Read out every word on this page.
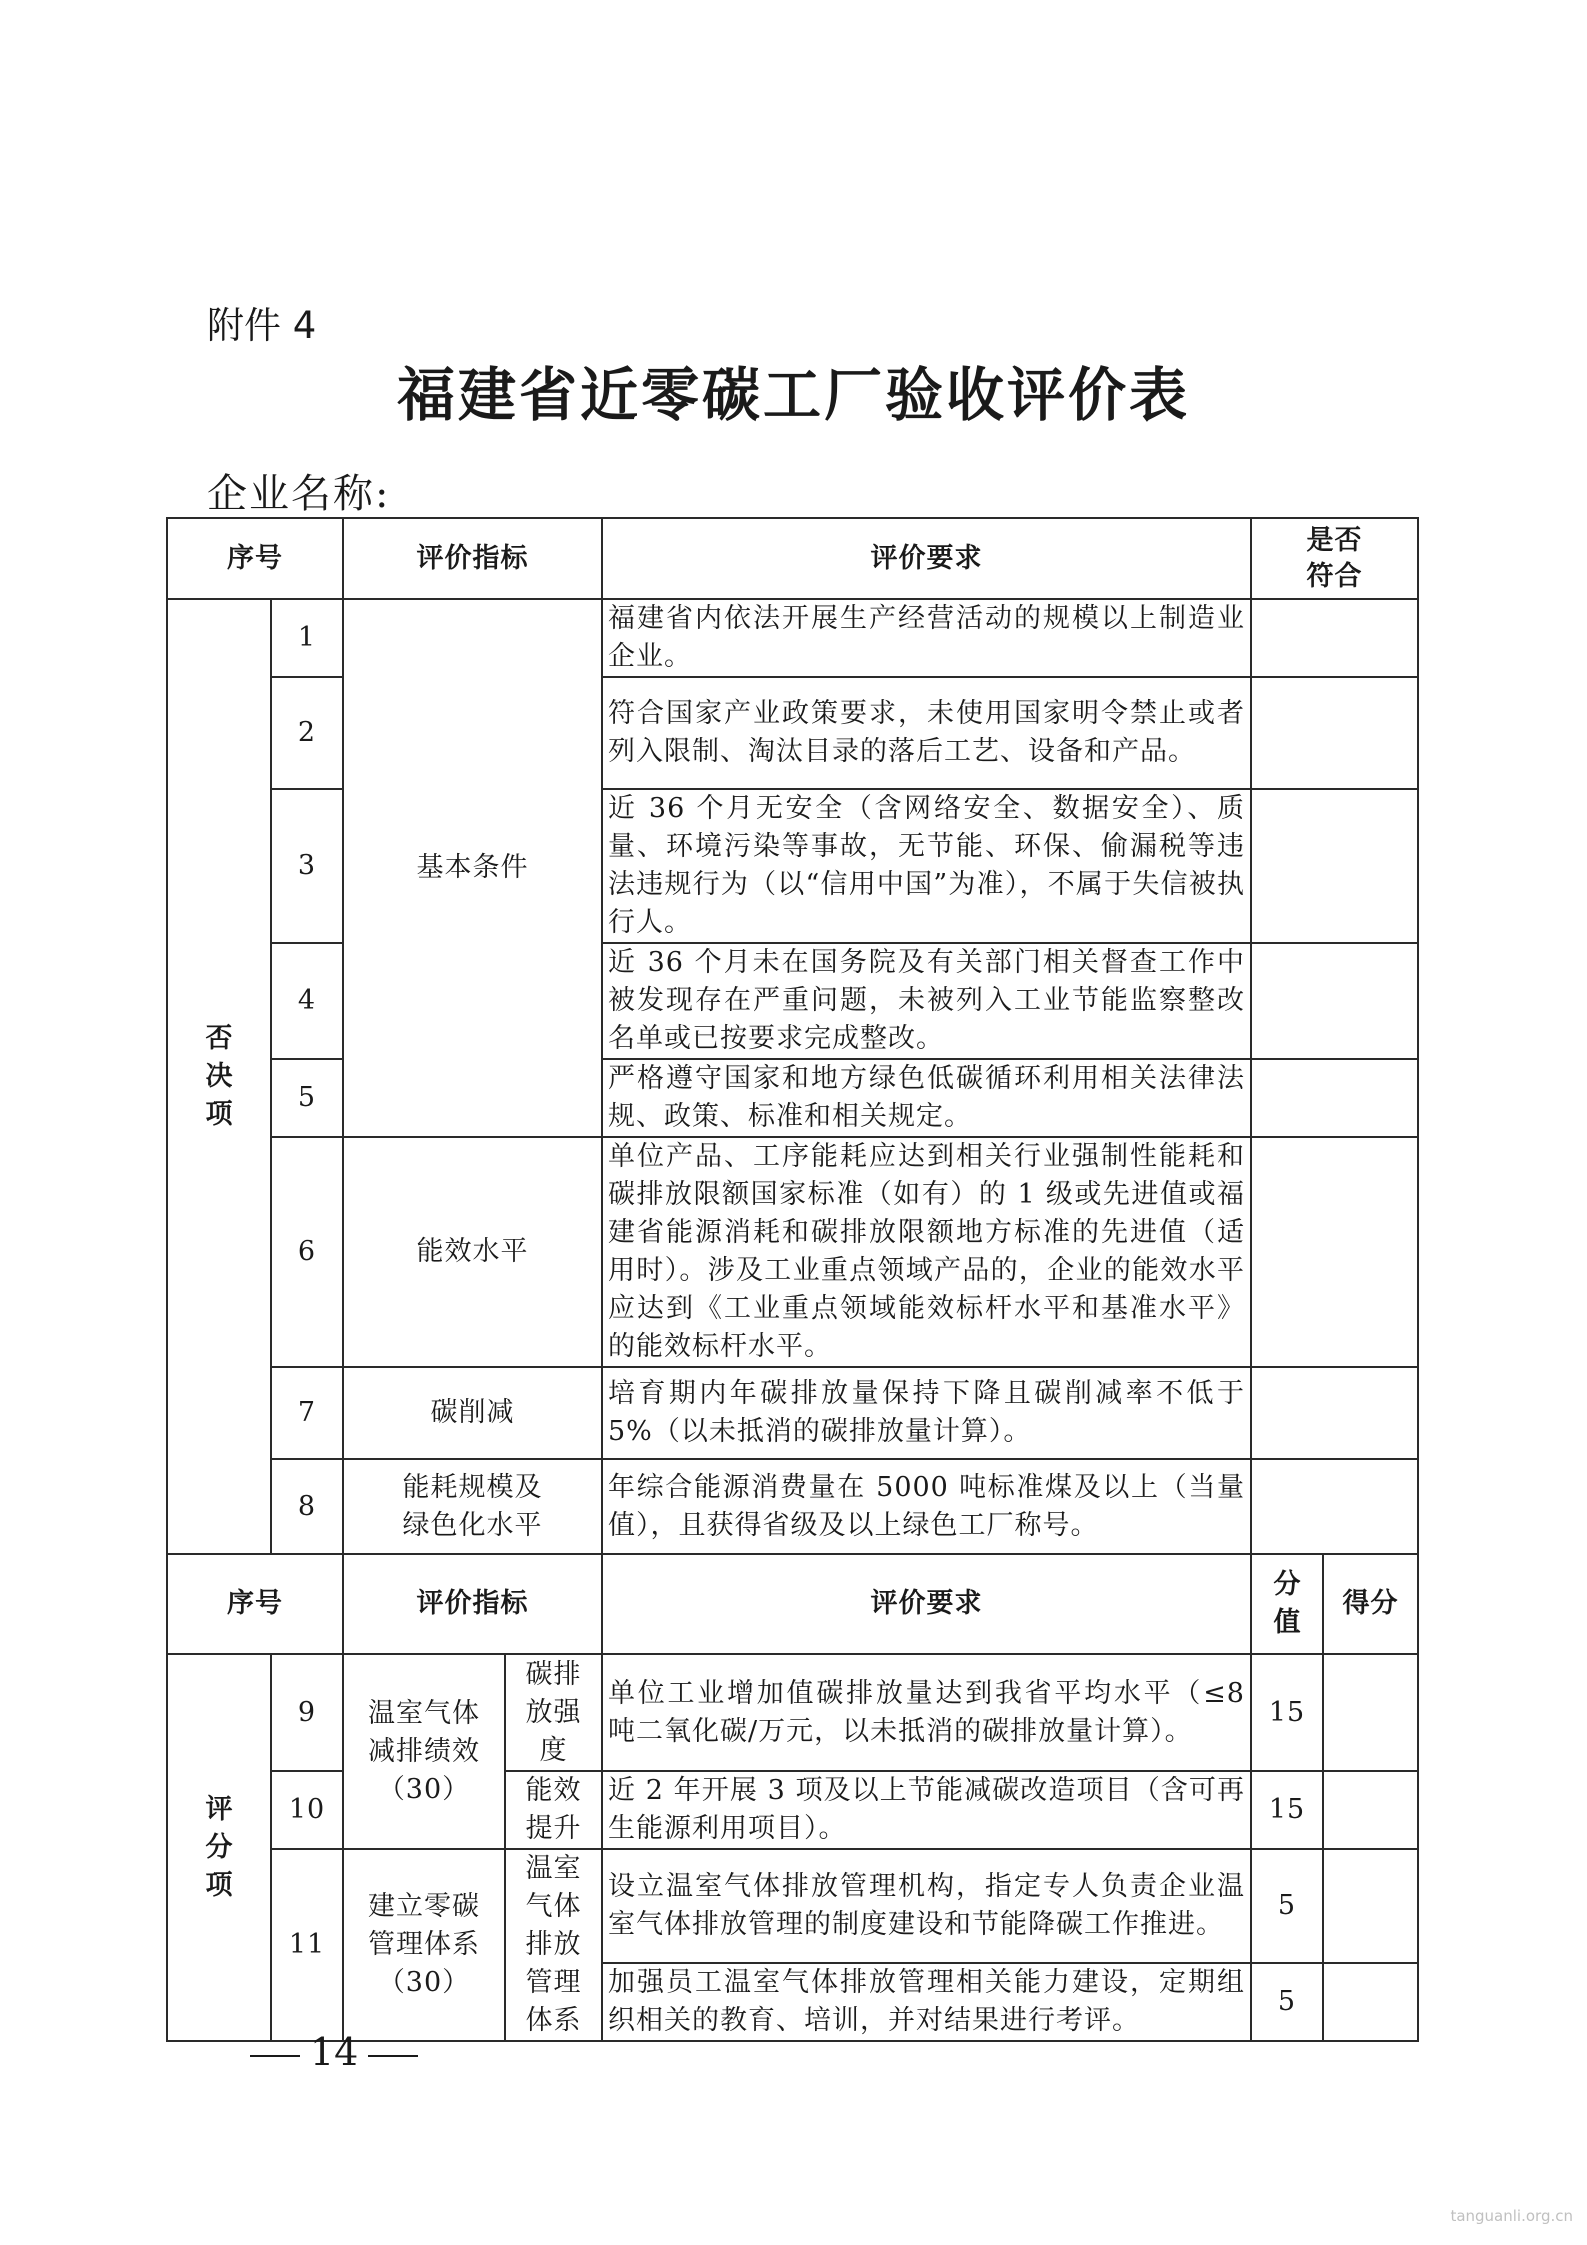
附件 4
福建省近零碳工厂验收评价表
企业名称:
序号		评价指标		评价要求	是否符合	

否决项	1	基本条件		福建省内依法开展生产经营活动的规模以上制造业企业。		
	2			符合国家产业政策要求，未使用国家明令禁止或者列入限制、淘汰目录的落后工艺、设备和产品。		
	3			近 36 个月无安全（含网络安全、数据安全）、质量、环境污染等事故，无节能、环保、偷漏税等违法违规行为（以“信用中国”为准），不属于失信被执行人。		
	4			近 36 个月未在国务院及有关部门相关督查工作中被发现存在严重问题，未被列入工业节能监察整改名单或已按要求完成整改。		
	5			严格遵守国家和地方绿色低碳循环利用相关法律法规、政策、标准和相关规定。		
	6	能效水平		单位产品、工序能耗应达到相关行业强制性能耗和碳排放限额国家标准（如有）的 1 级或先进值或福建省能源消耗和碳排放限额地方标准的先进值（适用时）。涉及工业重点领域产品的，企业的能效水平应达到《工业重点领域能效标杆水平和基准水平》的能效标杆水平。		
	7	碳削减		培育期内年碳排放量保持下降且碳削减率不低于 5%（以未抵消的碳排放量计算）。		
	8	能耗规模及绿色化水平		年综合能源消费量在 5000 吨标准煤及以上（当量值），且获得省级及以上绿色工厂称号。		
序号		评价指标		评价要求	分值	得分

评分项	9	温室气体减排绩效（30）	碳排放强度	单位工业增加值碳排放量达到我省平均水平（≤8 吨二氧化碳/万元，以未抵消的碳排放量计算）。	15	
	10		能效提升	近 2 年开展 3 项及以上节能减碳改造项目（含可再生能源利用项目）。	15	
	11	建立零碳管理体系（30）	温室气体排放管理体系	设立温室气体排放管理机构，指定专人负责企业温室气体排放管理的制度建设和节能降碳工作推进。	5	
				加强员工温室气体排放管理相关能力建设，定期组织相关的教育、培训，并对结果进行考评。	5	
14
tanguanli.org.cn
